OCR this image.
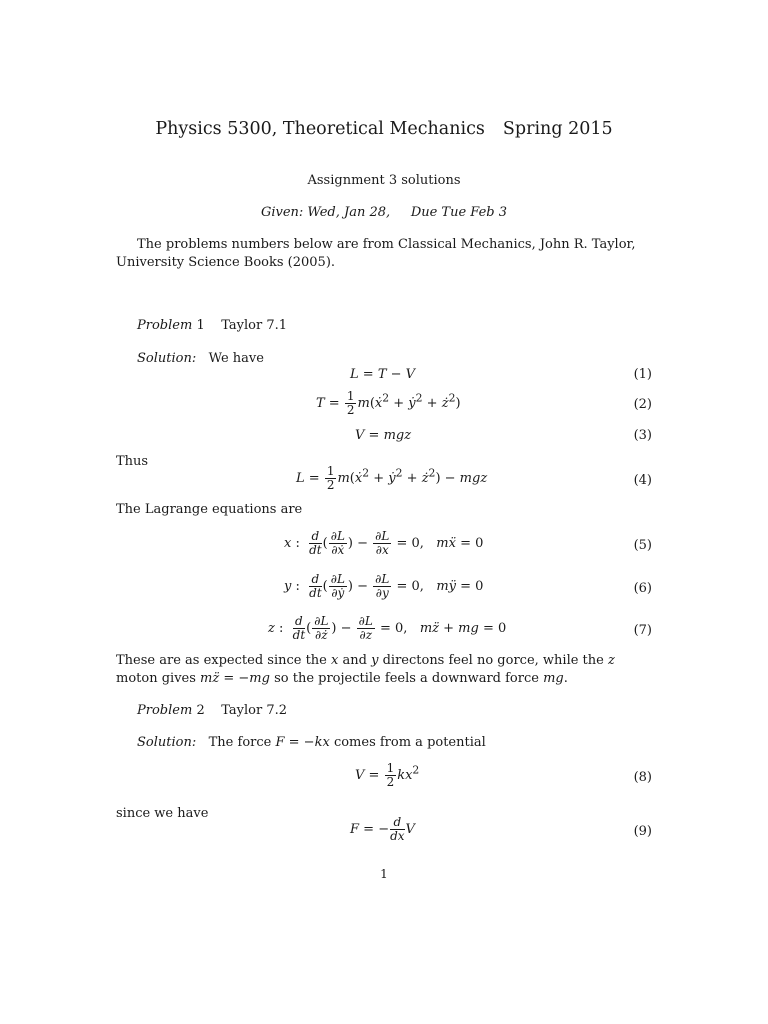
Physics 5300, Theoretical Mechanics Spring 2015
Assignment 3 solutions
Given: Wed, Jan 28, Due Tue Feb 3
The problems numbers below are from Classical Mechanics, John R. Taylor, University Science Books (2005).
Problem 1 Taylor 7.1
Solution: We have
L = T − V	(1)
$T = \frac{1}{2}$ m(ẋ$^2$ + ẏ$^2$ + $ż^2$)	(2)
V = mgz	(3)
Thus
$L = \frac{1}{2}$ m(ẋ$^2$ + ẏ$^2$ + $ż^2$) − mgz	(4)
The Lagrange equations are
x : $\frac{d}{dt}$ ( $\frac{\partial L}{\text{∂ẋ}}$ ) − $\frac{\partial L}{\partial x} = 0$,   mẍ = 0	(5)
y : $\frac{d}{dt}$ ( $\frac{\partial L}{\text{∂ẏ}}$ ) − $\frac{\partial L}{\partial y} = 0$,   mÿ = 0	(6)
z : $\frac{d}{dt}$ ( $\frac{\partial L}{\partial ż}$ ) − $\frac{\partial L}{\partial z} = 0$,   mz̈ + mg = 0	(7)
These are as expected since the x and y directons feel no gorce, while the z moton gives mz̈ = −mg so the projectile feels a downward force mg.
Problem 2 Taylor 7.2
Solution: The force F = −kx comes from a potential
$V = \frac{1}{2} kx^2$	(8)
since we have
F = − $\frac{d}{dx}$ V	(9)
1
